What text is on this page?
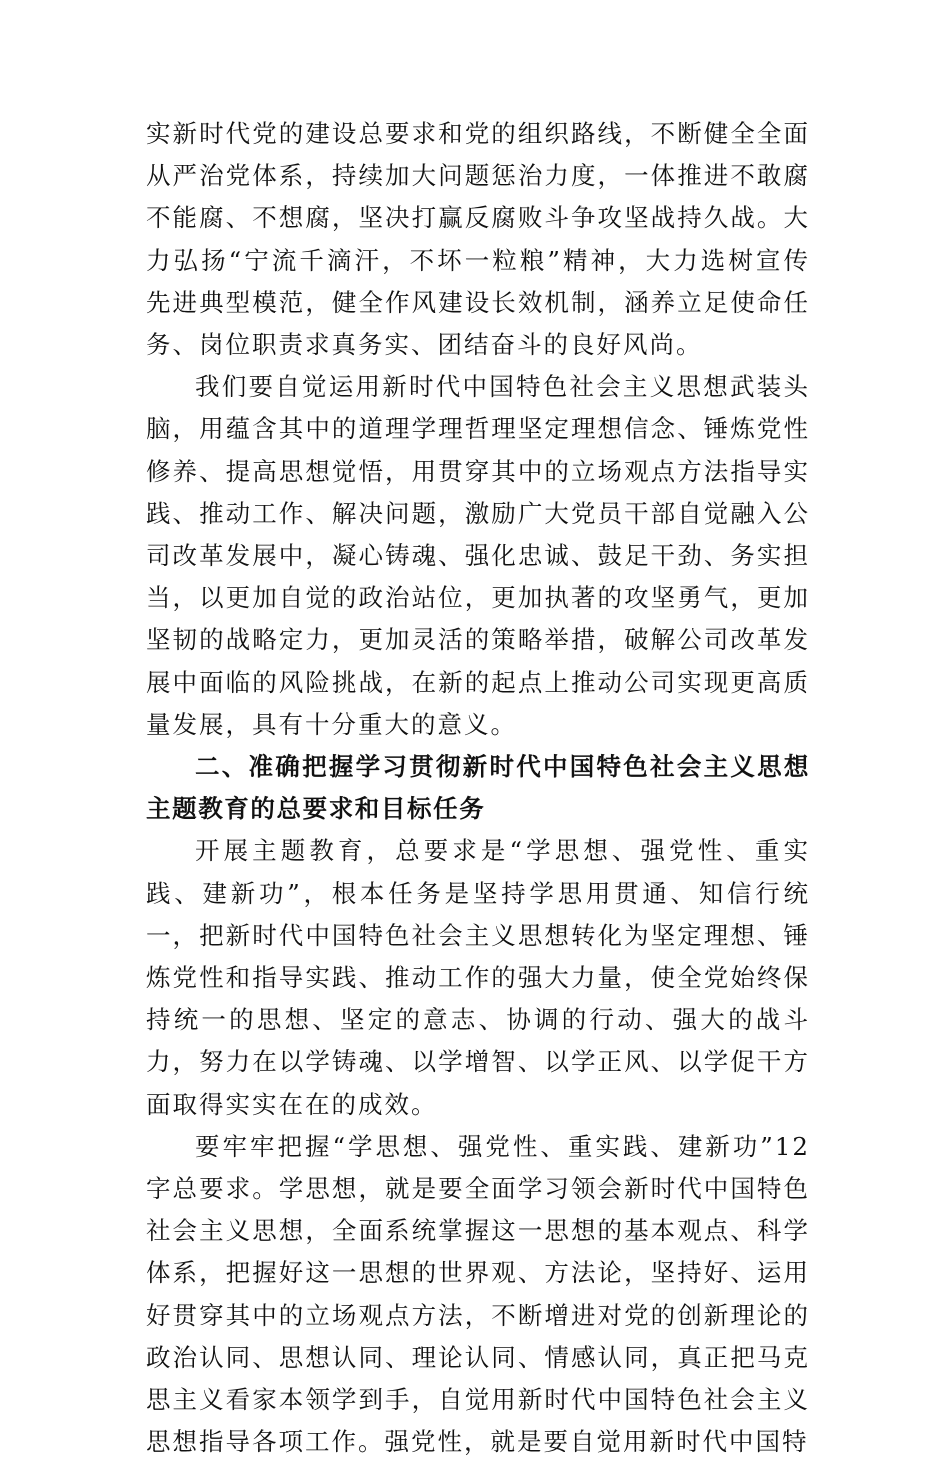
实新时代党的建设总要求和党的组织路线，不断健全全面从严治党体系，持续加大问题惩治力度，一体推进不敢腐不能腐、不想腐，坚决打赢反腐败斗争攻坚战持久战。大力弘扬“宁流千滴汗，不坏一粒粮”精神，大力选树宣传先进典型模范，健全作风建设长效机制，涵养立足使命任务、岗位职责求真务实、团结奋斗的良好风尚。

我们要自觉运用新时代中国特色社会主义思想武装头脑，用蕴含其中的道理学理哲理坚定理想信念、锤炼党性修养、提高思想觉悟，用贯穿其中的立场观点方法指导实践、推动工作、解决问题，激励广大党员干部自觉融入公司改革发展中，凝心铸魂、强化忠诚、鼓足干劲、务实担当，以更加自觉的政治站位，更加执著的攻坚勇气，更加坚韧的战略定力，更加灵活的策略举措，破解公司改革发展中面临的风险挑战，在新的起点上推动公司实现更高质量发展，具有十分重大的意义。

二、准确把握学习贯彻新时代中国特色社会主义思想主题教育的总要求和目标任务

开展主题教育，总要求是“学思想、强党性、重实践、建新功”，根本任务是坚持学思用贯通、知信行统一，把新时代中国特色社会主义思想转化为坚定理想、锤炼党性和指导实践、推动工作的强大力量，使全党始终保持统一的思想、坚定的意志、协调的行动、强大的战斗力，努力在以学铸魂、以学增智、以学正风、以学促干方面取得实实在在的成效。

要牢牢把握“学思想、强党性、重实践、建新功”12字总要求。学思想，就是要全面学习领会新时代中国特色社会主义思想，全面系统掌握这一思想的基本观点、科学体系，把握好这一思想的世界观、方法论，坚持好、运用好贯穿其中的立场观点方法，不断增进对党的创新理论的政治认同、思想认同、理论认同、情感认同，真正把马克思主义看家本领学到手，自觉用新时代中国特色社会主义思想指导各项工作。强党性，就是要自觉用新时代中国特
